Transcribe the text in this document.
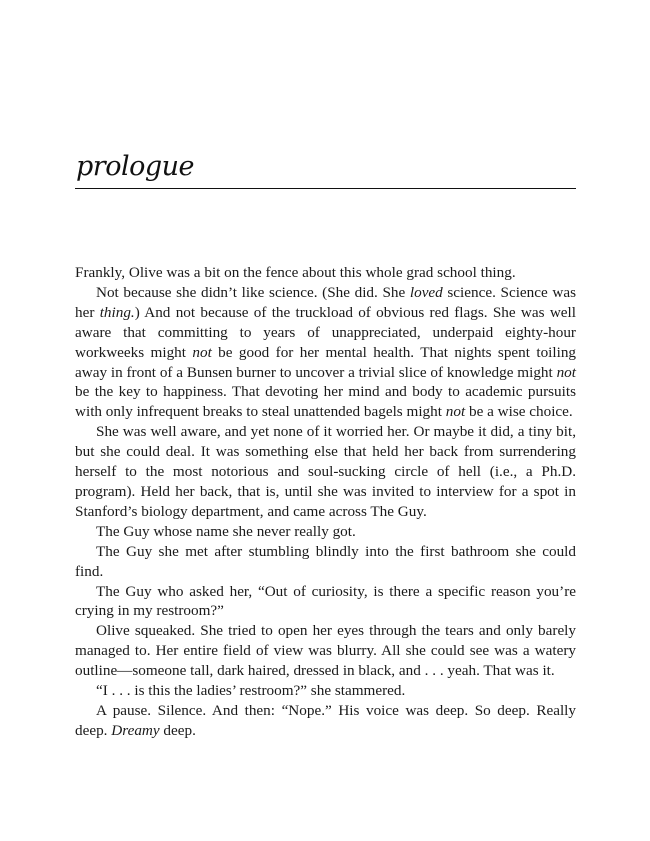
prologue

Frankly, Olive was a bit on the fence about this whole grad school thing.

Not because she didn’t like science. (She did. She loved science. Science was her thing.) And not because of the truckload of obvious red flags. She was well aware that committing to years of unappreciated, underpaid eighty-hour workweeks might not be good for her mental health. That nights spent toiling away in front of a Bunsen burner to uncover a trivial slice of knowledge might not be the key to happiness. That devoting her mind and body to academic pursuits with only infrequent breaks to steal unattended bagels might not be a wise choice.

She was well aware, and yet none of it worried her. Or maybe it did, a tiny bit, but she could deal. It was something else that held her back from surrendering herself to the most notorious and soul-sucking circle of hell (i.e., a Ph.D. program). Held her back, that is, until she was invited to interview for a spot in Stanford’s biology department, and came across The Guy.

The Guy whose name she never really got.

The Guy she met after stumbling blindly into the first bathroom she could find.

The Guy who asked her, “Out of curiosity, is there a specific reason you’re crying in my restroom?”

Olive squeaked. She tried to open her eyes through the tears and only barely managed to. Her entire field of view was blurry. All she could see was a watery outline—someone tall, dark haired, dressed in black, and . . . yeah. That was it.

“I . . . is this the ladies’ restroom?” she stammered.

A pause. Silence. And then: “Nope.” His voice was deep. So deep. Really deep. Dreamy deep.
